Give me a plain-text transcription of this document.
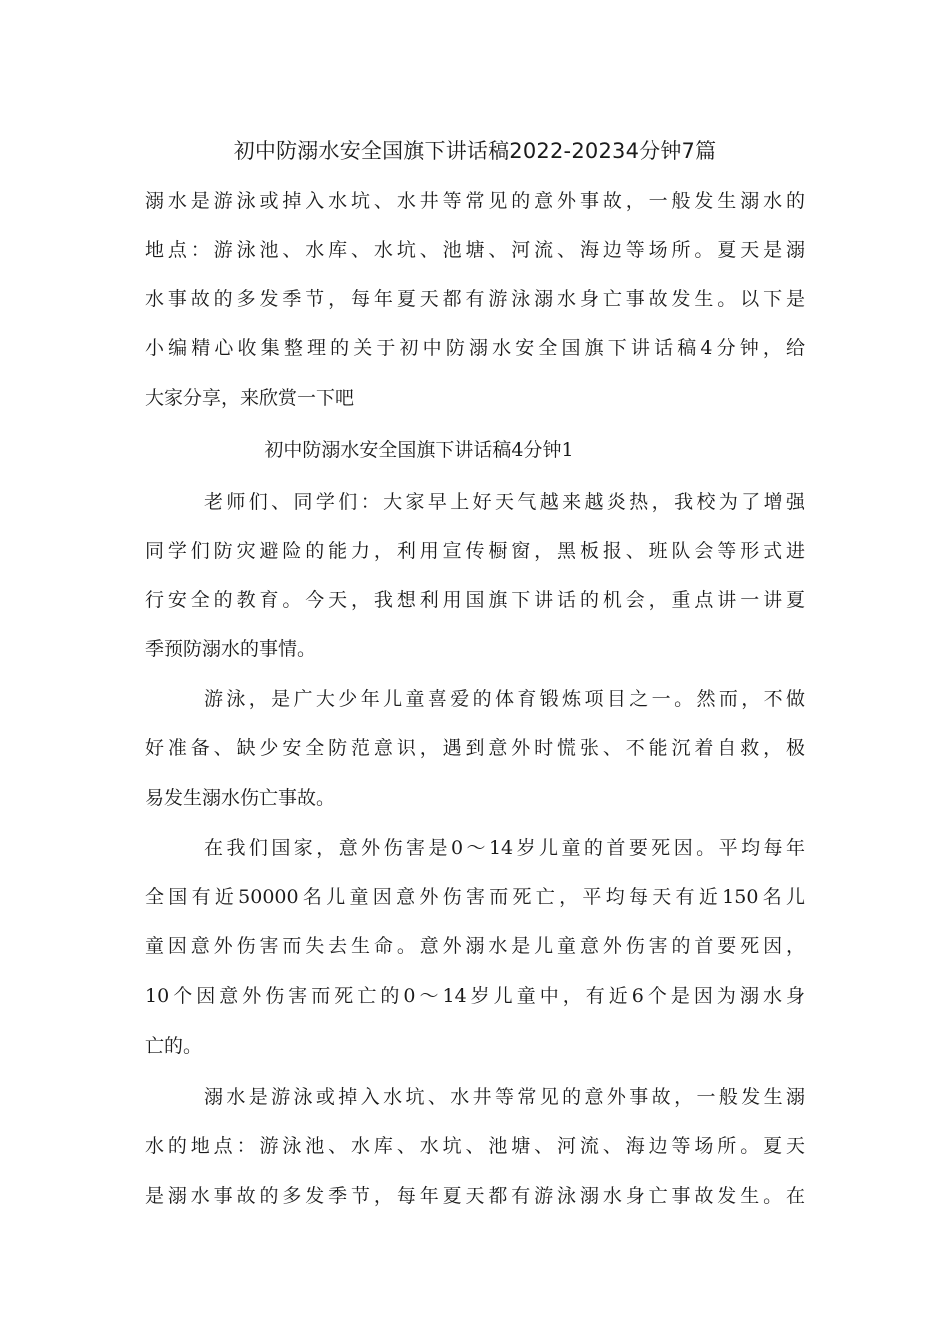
初中防溺水安全国旗下讲话稿2022-20234分钟7篇
溺水是游泳或掉入水坑、水井等常见的意外事故，一般发生溺水的
地点：游泳池、水库、水坑、池塘、河流、海边等场所。夏天是溺
水事故的多发季节，每年夏天都有游泳溺水身亡事故发生。以下是
小编精心收集整理的关于初中防溺水安全国旗下讲话稿4分钟，给
大家分享，来欣赏一下吧
初中防溺水安全国旗下讲话稿4分钟1
老师们、同学们：大家早上好天气越来越炎热，我校为了增强
同学们防灾避险的能力，利用宣传橱窗，黑板报、班队会等形式进
行安全的教育。今天，我想利用国旗下讲话的机会，重点讲一讲夏
季预防溺水的事情。
游泳，是广大少年儿童喜爱的体育锻炼项目之一。然而，不做
好准备、缺少安全防范意识，遇到意外时慌张、不能沉着自救，极
易发生溺水伤亡事故。
在我们国家，意外伤害是0～14岁儿童的首要死因。平均每年
全国有近50000名儿童因意外伤害而死亡，平均每天有近150名儿
童因意外伤害而失去生命。意外溺水是儿童意外伤害的首要死因，
10个因意外伤害而死亡的0～14岁儿童中，有近6个是因为溺水身
亡的。
溺水是游泳或掉入水坑、水井等常见的意外事故，一般发生溺
水的地点：游泳池、水库、水坑、池塘、河流、海边等场所。夏天
是溺水事故的多发季节，每年夏天都有游泳溺水身亡事故发生。在
